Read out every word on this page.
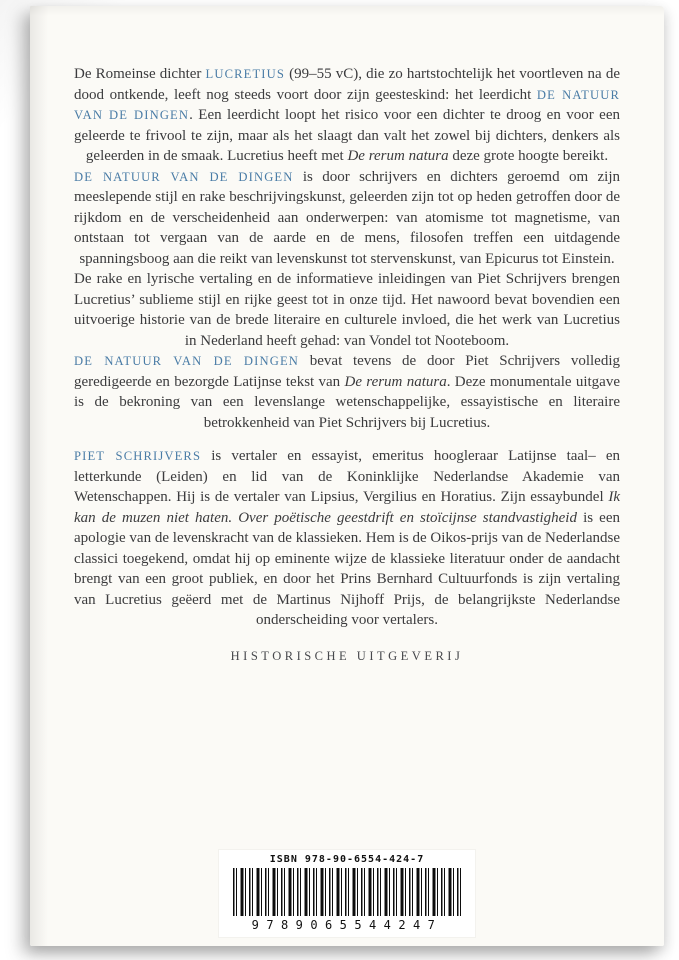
De Romeinse dichter LUCRETIUS (99–55 vC), die zo hartstochtelijk het voortleven na de dood ontkende, leeft nog steeds voort door zijn geesteskind: het leerdicht DE NATUUR VAN DE DINGEN. Een leerdicht loopt het risico voor een dichter te droog en voor een geleerde te frivool te zijn, maar als het slaagt dan valt het zowel bij dichters, denkers als geleerden in de smaak. Lucretius heeft met De rerum natura deze grote hoogte bereikt.

DE NATUUR VAN DE DINGEN is door schrijvers en dichters geroemd om zijn meeslepende stijl en rake beschrijvingskunst, geleerden zijn tot op heden getroffen door de rijkdom en de verscheidenheid aan onderwerpen: van atomisme tot magnetisme, van ontstaan tot vergaan van de aarde en de mens, filosofen treffen een uitdagende spanningsboog aan die reikt van levenskunst tot stervenskunst, van Epicurus tot Einstein.

De rake en lyrische vertaling en de informatieve inleidingen van Piet Schrijvers brengen Lucretius’ sublieme stijl en rijke geest tot in onze tijd. Het nawoord bevat bovendien een uitvoerige historie van de brede literaire en culturele invloed, die het werk van Lucretius in Nederland heeft gehad: van Vondel tot Nooteboom.

DE NATUUR VAN DE DINGEN bevat tevens de door Piet Schrijvers volledig geredigeerde en bezorgde Latijnse tekst van De rerum natura. Deze monumentale uitgave is de bekroning van een levenslange wetenschappelijke, essayistische en literaire betrokkenheid van Piet Schrijvers bij Lucretius.

PIET SCHRIJVERS is vertaler en essayist, emeritus hoogleraar Latijnse taal– en letterkunde (Leiden) en lid van de Koninklijke Nederlandse Akademie van Wetenschappen. Hij is de vertaler van Lipsius, Vergilius en Horatius. Zijn essaybundel Ik kan de muzen niet haten. Over poëtische geestdrift en stoïcijnse standvastigheid is een apologie van de levenskracht van de klassieken. Hem is de Oikos-prijs van de Nederlandse classici toegekend, omdat hij op eminente wijze de klassieke literatuur onder de aandacht brengt van een groot publiek, en door het Prins Bernhard Cultuurfonds is zijn vertaling van Lucretius geëerd met de Martinus Nijhoff Prijs, de belangrijkste Nederlandse onderscheiding voor vertalers.

HISTORISCHE UITGEVERIJ
ISBN 978-90-6554-424-7
9789065544247
